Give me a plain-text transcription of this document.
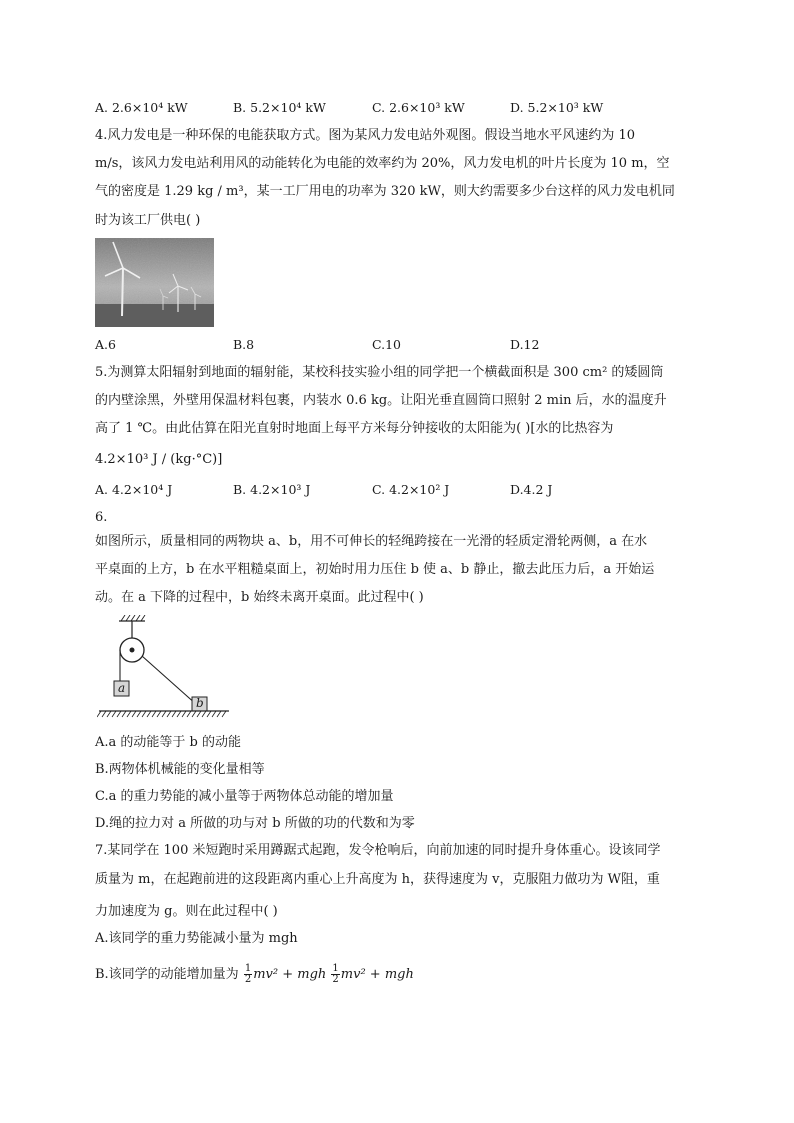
A. 2.6×10⁴ kW	B. 5.2×10⁴ kW	C. 2.6×10³ kW	D. 5.2×10³ kW
4.风力发电是一种环保的电能获取方式。图为某风力发电站外观图。假设当地水平风速约为 10
m/s，该风力发电站利用风的动能转化为电能的效率约为 20%，风力发电机的叶片长度为 10 m，空
气的密度是 1.29 kg / m³，某一工厂用电的功率为 320 kW，则大约需要多少台这样的风力发电机同
时为该工厂供电( )
A.6	B.8	C.10	D.12
5.为测算太阳辐射到地面的辐射能，某校科技实验小组的同学把一个横截面积是 300 cm² 的矮圆筒
的内壁涂黑，外壁用保温材料包裹，内装水 0.6 kg。让阳光垂直圆筒口照射 2 min 后，水的温度升
高了 1 ℃。由此估算在阳光直射时地面上每平方米每分钟接收的太阳能为( )[水的比热容为
4.2×10³ J / (kg·°C)]
A. 4.2×10⁴ J	B. 4.2×10³ J	C. 4.2×10² J	D.4.2 J
6.
如图所示，质量相同的两物块 a、b，用不可伸长的轻绳跨接在一光滑的轻质定滑轮两侧，a 在水
平桌面的上方，b 在水平粗糙桌面上，初始时用力压住 b 使 a、b 静止，撤去此压力后，a 开始运
动。在 a 下降的过程中，b 始终未离开桌面。此过程中( )
a
b
A.a 的动能等于 b 的动能
B.两物体机械能的变化量相等
C.a 的重力势能的减小量等于两物体总动能的增加量
D.绳的拉力对 a 所做的功与对 b 所做的功的代数和为零
7.某同学在 100 米短跑时采用蹲踞式起跑，发令枪响后，向前加速的同时提升身体重心。设该同学
质量为 m，在起跑前进的这段距离内重心上升高度为 h，获得速度为 v，克服阻力做功为 W阻，重
力加速度为 g。则在此过程中( )
A.该同学的重力势能减小量为 mgh
B.该同学的动能增加量为 $\frac{1}{2} mv^2$ + mgh $\frac{1}{2} mv^2$ + mgh
